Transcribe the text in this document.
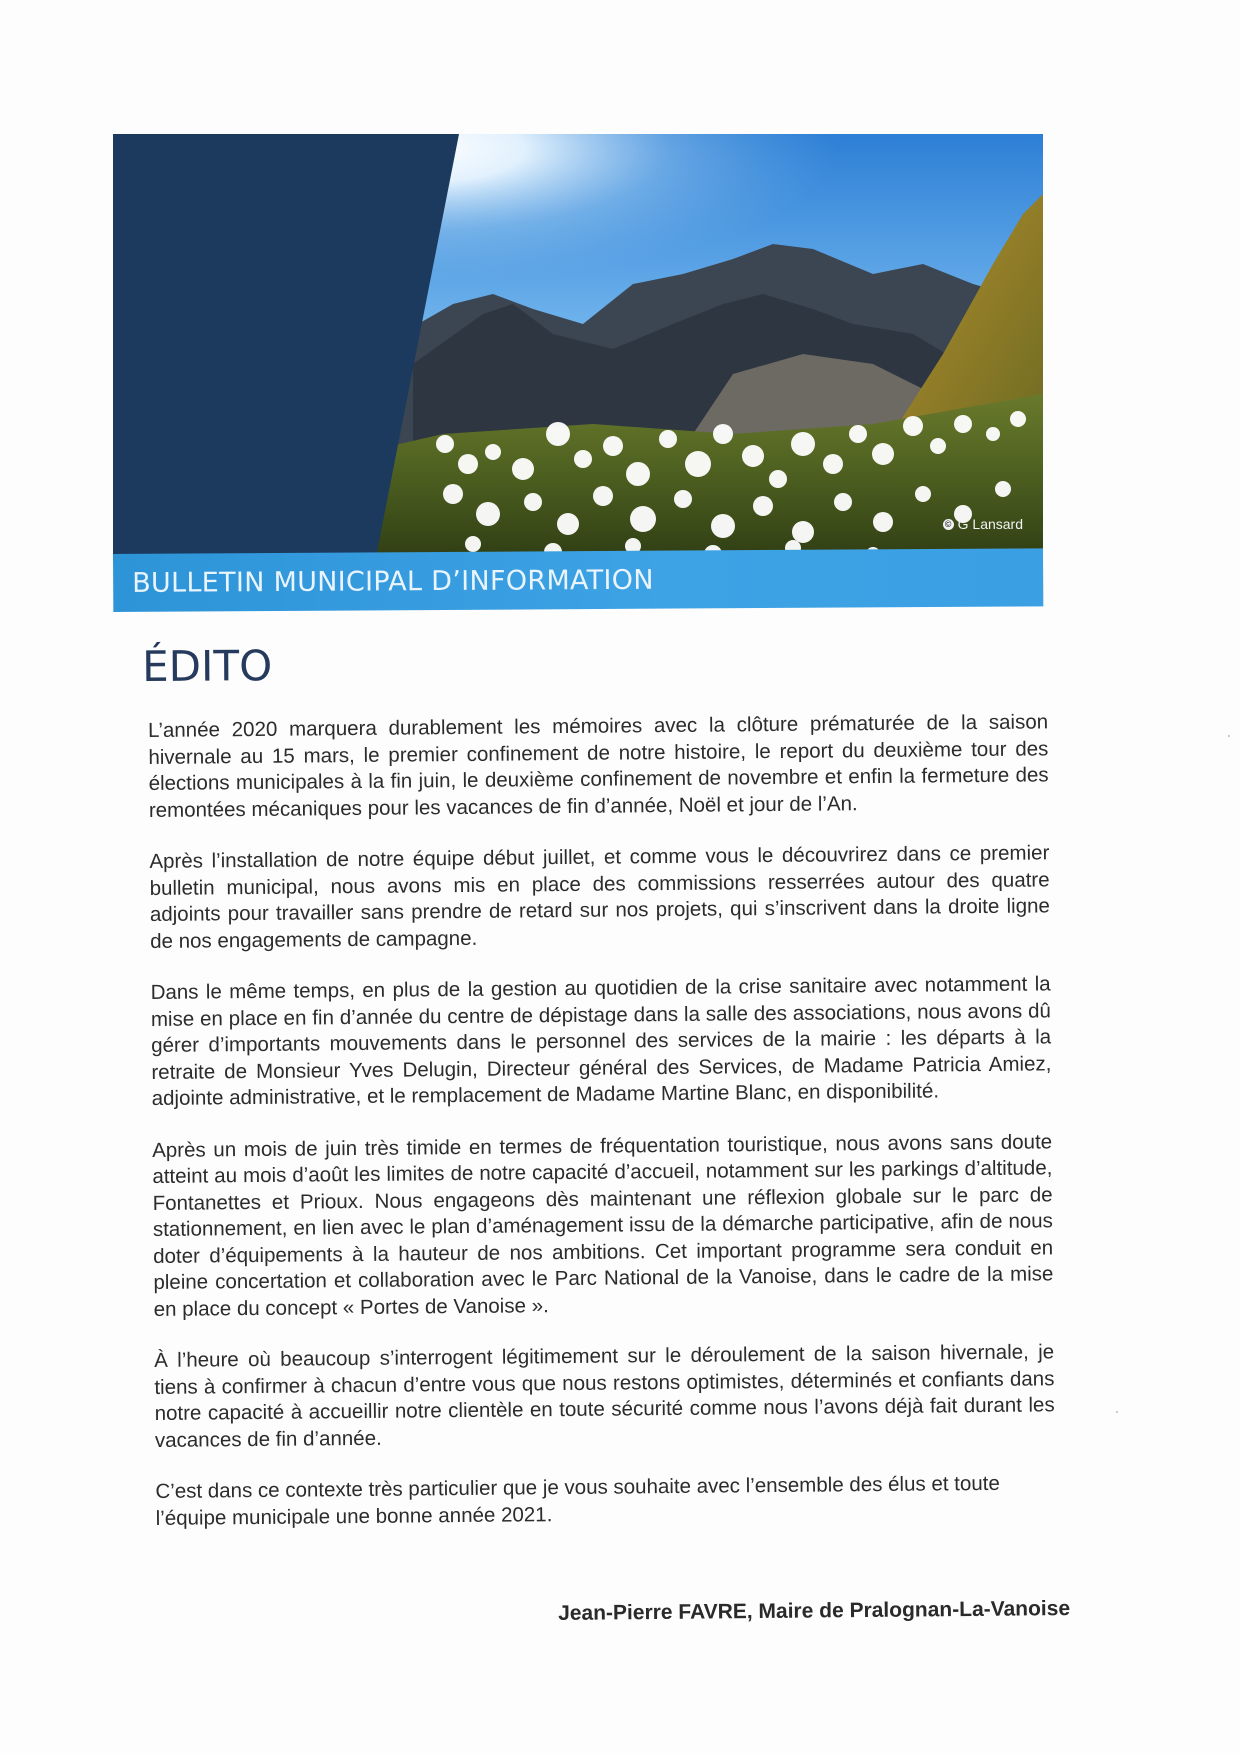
© G Lansard
BULLETIN MUNICIPAL D’INFORMATION
ÉDITO

L’année 2020 marquera durablement les mémoires avec la clôture prématurée de la saison hivernale au 15 mars, le premier confinement de notre histoire, le report du deuxième tour des élections municipales à la fin juin, le deuxième confinement de novembre et enfin la fermeture des remontées mécaniques pour les vacances de fin d’année, Noël et jour de l’An.

Après l’installation de notre équipe début juillet, et comme vous le découvrirez dans ce premier bulletin municipal, nous avons mis en place des commissions resserrées autour des quatre adjoints pour travailler sans prendre de retard sur nos projets, qui s’inscrivent dans la droite ligne de nos engagements de campagne.

Dans le même temps, en plus de la gestion au quotidien de la crise sanitaire avec notamment la mise en place en fin d’année du centre de dépistage dans la salle des associations, nous avons dû gérer d’importants mouvements dans le personnel des services de la mairie : les départs à la retraite de Monsieur Yves Delugin, Directeur général des Services, de Madame Patricia Amiez, adjointe administrative, et le remplacement de Madame Martine Blanc, en disponibilité.

Après un mois de juin très timide en termes de fréquentation touristique, nous avons sans doute atteint au mois d’août les limites de notre capacité d’accueil, notamment sur les parkings d’altitude, Fontanettes et Prioux. Nous engageons dès maintenant une réflexion globale sur le parc de stationnement, en lien avec le plan d’aménagement issu de la démarche participative, afin de nous doter d’équipements à la hauteur de nos ambitions. Cet important programme sera conduit en pleine concertation et collaboration avec le Parc National de la Vanoise, dans le cadre de la mise en place du concept « Portes de Vanoise ».

À l’heure où beaucoup s’interrogent légitimement sur le déroulement de la saison hivernale, je tiens à confirmer à chacun d’entre vous que nous restons optimistes, déterminés et confiants dans notre capacité à accueillir notre clientèle en toute sécurité comme nous l’avons déjà fait durant les vacances de fin d’année.

C’est dans ce contexte très particulier que je vous souhaite avec l’ensemble des élus et toute l’équipe municipale une bonne année 2021.

Jean-Pierre FAVRE, Maire de Pralognan-La-Vanoise
